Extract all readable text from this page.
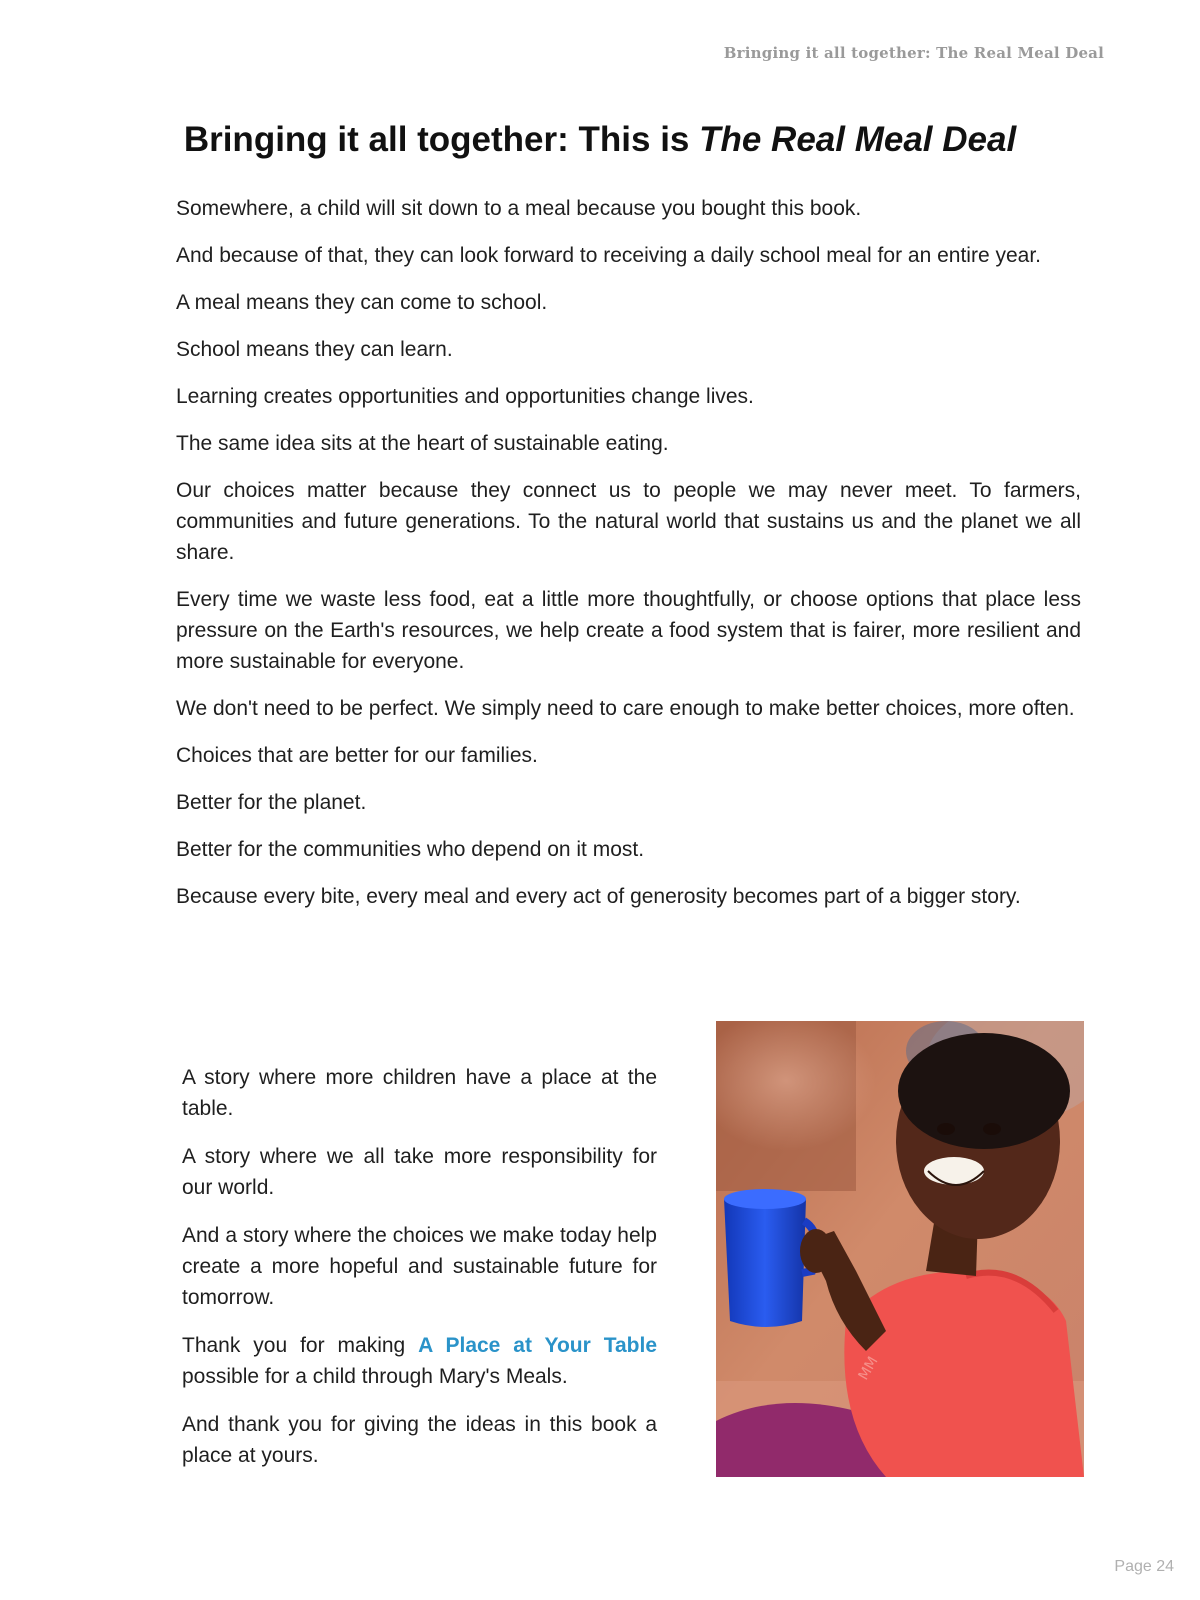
Bringing it all together: The Real Meal Deal
Bringing it all together: This is The Real Meal Deal

Somewhere, a child will sit down to a meal because you bought this book.

And because of that, they can look forward to receiving a daily school meal for an entire year.

A meal means they can come to school.

School means they can learn.

Learning creates opportunities and opportunities change lives.

The same idea sits at the heart of sustainable eating.

Our choices matter because they connect us to people we may never meet. To farmers, communities and future generations. To the natural world that sustains us and the planet we all share.

Every time we waste less food, eat a little more thoughtfully, or choose options that place less pressure on the Earth's resources, we help create a food system that is fairer, more resilient and more sustainable for everyone.

We don't need to be perfect. We simply need to care enough to make better choices, more often.

Choices that are better for our families.

Better for the planet.

Better for the communities who depend on it most.

Because every bite, every meal and every act of generosity becomes part of a bigger story.

A story where more children have a place at the table.

A story where we all take more responsibility for our world.

And a story where the choices we make today help create a more hopeful and sustainable future for tomorrow.

Thank you for making A Place at Your Table possible for a child through Mary's Meals.

And thank you for giving the ideas in this book a place at yours.

MM
Page 24
